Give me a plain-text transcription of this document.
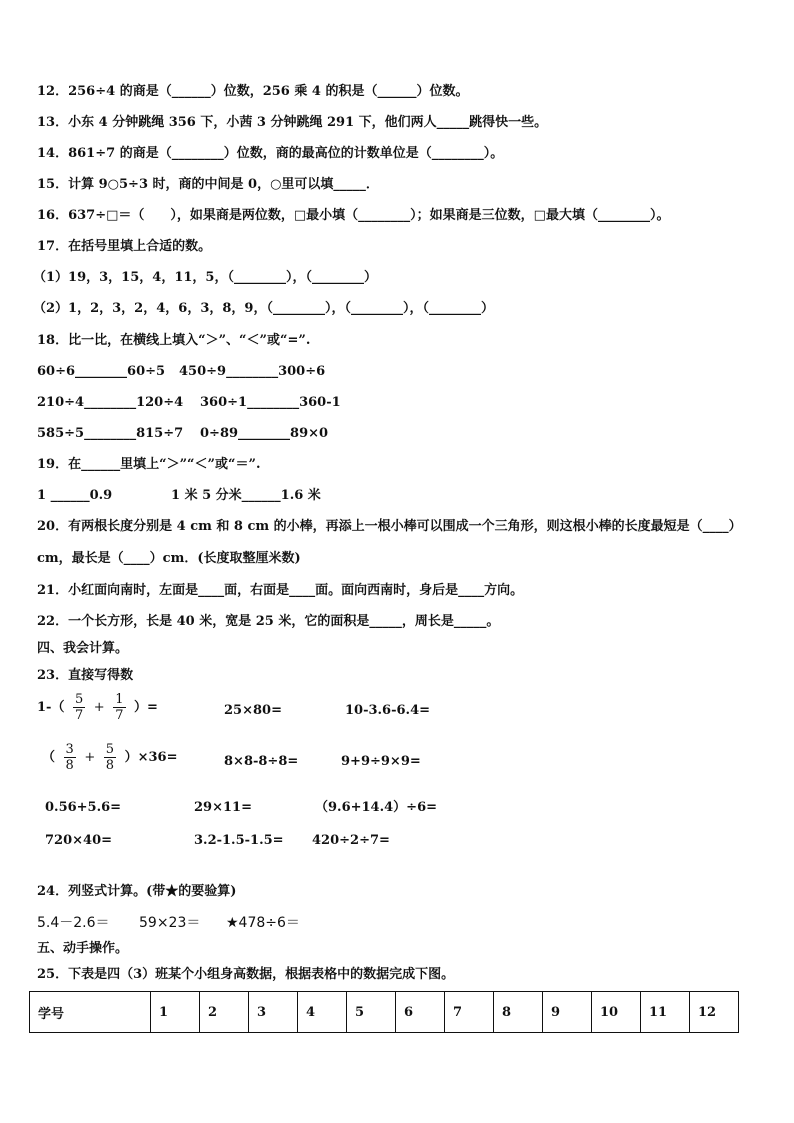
12．256÷4 的商是（______）位数，256 乘 4 的积是（______）位数。
13．小东 4 分钟跳绳 356 下，小茜 3 分钟跳绳 291 下，他们两人_____跳得快一些。
14．861÷7 的商是（________）位数，商的最高位的计数单位是（________）。
15．计算 9○5÷3 时，商的中间是 0，○里可以填_____．
16．637÷□＝（　　），如果商是两位数，□最小填（________）；如果商是三位数，□最大填（________）。
17．在括号里填上合适的数。
（1）19，3，15，4，11，5，（________），（________）
（2）1，2，3，2，4，6，3，8，9，（________），（________），（________）
18．比一比，在横线上填入“＞”、“＜”或“=”.
60÷6________60÷5 450÷9________300÷6
210÷4________120÷4 360÷1________360-1
585÷5________815÷7 0÷89________89×0
19．在______里填上“＞”“＜”或“＝”.
1 ______0.9	1 米 5 分米______1.6 米
20．有两根长度分别是 4 cm 和 8 cm 的小棒，再添上一根小棒可以围成一个三角形，则这根小棒的长度最短是（____）
cm，最长是（____）cm．(长度取整厘米数)
21．小红面向南时，左面是____面，右面是____面。面向西南时，身后是____方向。
22．一个长方形，长是 40 米，宽是 25 米，它的面积是_____，周长是_____。
四、我会计算。
23．直接写得数
$1-( \frac{5}{7} + \frac{1}{7}$ ）=	25×80=	10-3.6-6.4=
（ $\frac{3}{8} + \frac{5}{8} )\times 36=$	8×8-8÷8=	9+9÷9×9=
0.56+5.6=	29×11=	（9.6+14.4）÷6=
720×40=	3.2-1.5-1.5= 420÷2÷7=
24．列竖式计算。(带★的要验算)
5.4－2.6＝ 59×23＝ ★478÷6＝
五、动手操作。
25．下表是四（3）班某个小组身高数据，根据表格中的数据完成下图。
学号	1	2	3	4	5	6	7	8	9	10	11	12
